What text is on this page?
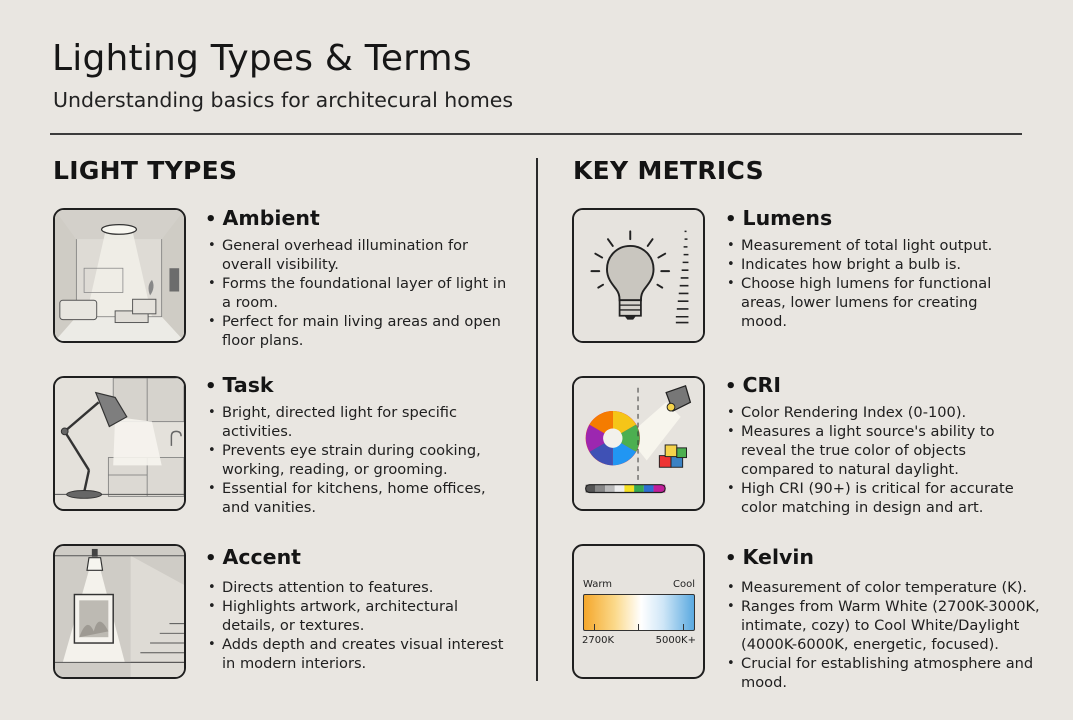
Lighting Types & Terms
Understanding basics for architecural homes
LIGHT TYPES
• Ambient
• General overhead illumination for overall visibility.
• Forms the foundational layer of light in a room.
• Perfect for main living areas and open floor plans.
• Task
• Bright, directed light for specific activities.
• Prevents eye strain during cooking, working, reading, or grooming.
• Essential for kitchens, home offices, and vanities.
• Accent
• Directs attention to features.
• Highlights artwork, architectural details, or textures.
• Adds depth and creates visual interest in modern interiors.
KEY METRICS
• Lumens
• Measurement of total light output.
• Indicates how bright a bulb is.
• Choose high lumens for functional areas, lower lumens for creating mood.
• CRI
• Color Rendering Index (0-100).
• Measures a light source's ability to reveal the true color of objects compared to natural daylight.
• High CRI (90+) is critical for accurate color matching in design and art.
Warm	Cool
2700K	5000K+
• Kelvin
• Measurement of color temperature (K).
• Ranges from Warm White (2700K-3000K, intimate, cozy) to Cool White/Daylight (4000K-6000K, energetic, focused).
• Crucial for establishing atmosphere and mood.
